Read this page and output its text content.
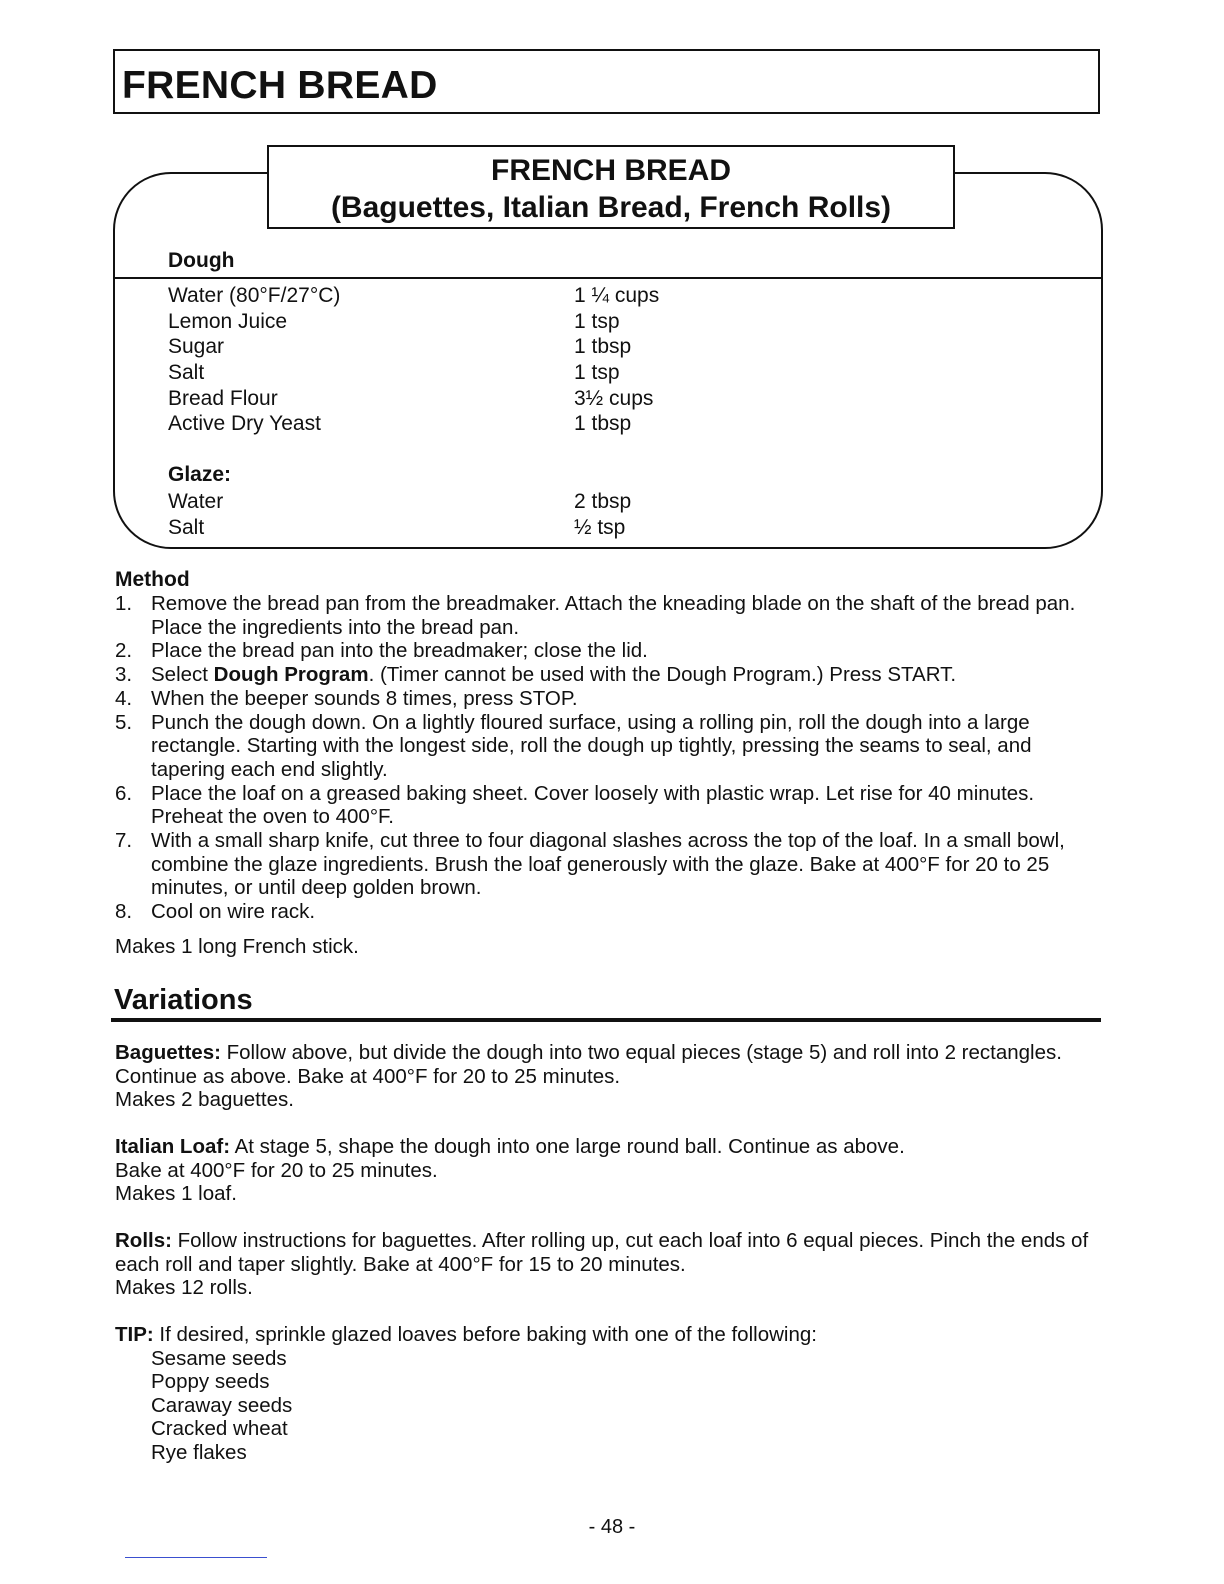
FRENCH BREAD
FRENCH BREAD
(Baguettes, Italian Bread, French Rolls)
Dough
Water (80°F/27°C)	1 ¼ cups
Lemon Juice	1 tsp
Sugar	1 tbsp
Salt	1 tsp
Bread Flour	3½ cups
Active Dry Yeast	1 tbsp
Glaze:
Water	2 tbsp
Salt	½ tsp
Method
1. Remove the bread pan from the breadmaker. Attach the kneading blade on the shaft of the bread pan. Place the ingredients into the bread pan.
2. Place the bread pan into the breadmaker; close the lid.
3. Select Dough Program. (Timer cannot be used with the Dough Program.) Press START.
4. When the beeper sounds 8 times, press STOP.
5. Punch the dough down. On a lightly floured surface, using a rolling pin, roll the dough into a large rectangle. Starting with the longest side, roll the dough up tightly, pressing the seams to seal, and tapering each end slightly.
6. Place the loaf on a greased baking sheet. Cover loosely with plastic wrap. Let rise for 40 minutes. Preheat the oven to 400°F.
7. With a small sharp knife, cut three to four diagonal slashes across the top of the loaf. In a small bowl, combine the glaze ingredients. Brush the loaf generously with the glaze. Bake at 400°F for 20 to 25 minutes, or until deep golden brown.
8. Cool on wire rack.
Makes 1 long French stick.
Variations
Baguettes: Follow above, but divide the dough into two equal pieces (stage 5) and roll into 2 rectangles. Continue as above. Bake at 400°F for 20 to 25 minutes.
Makes 2 baguettes.
Italian Loaf: At stage 5, shape the dough into one large round ball. Continue as above.
Bake at 400°F for 20 to 25 minutes.
Makes 1 loaf.
Rolls: Follow instructions for baguettes. After rolling up, cut each loaf into 6 equal pieces. Pinch the ends of each roll and taper slightly. Bake at 400°F for 15 to 20 minutes.
Makes 12 rolls.
TIP: If desired, sprinkle glazed loaves before baking with one of the following:
Sesame seeds
Poppy seeds
Caraway seeds
Cracked wheat
Rye flakes
- 48 -
